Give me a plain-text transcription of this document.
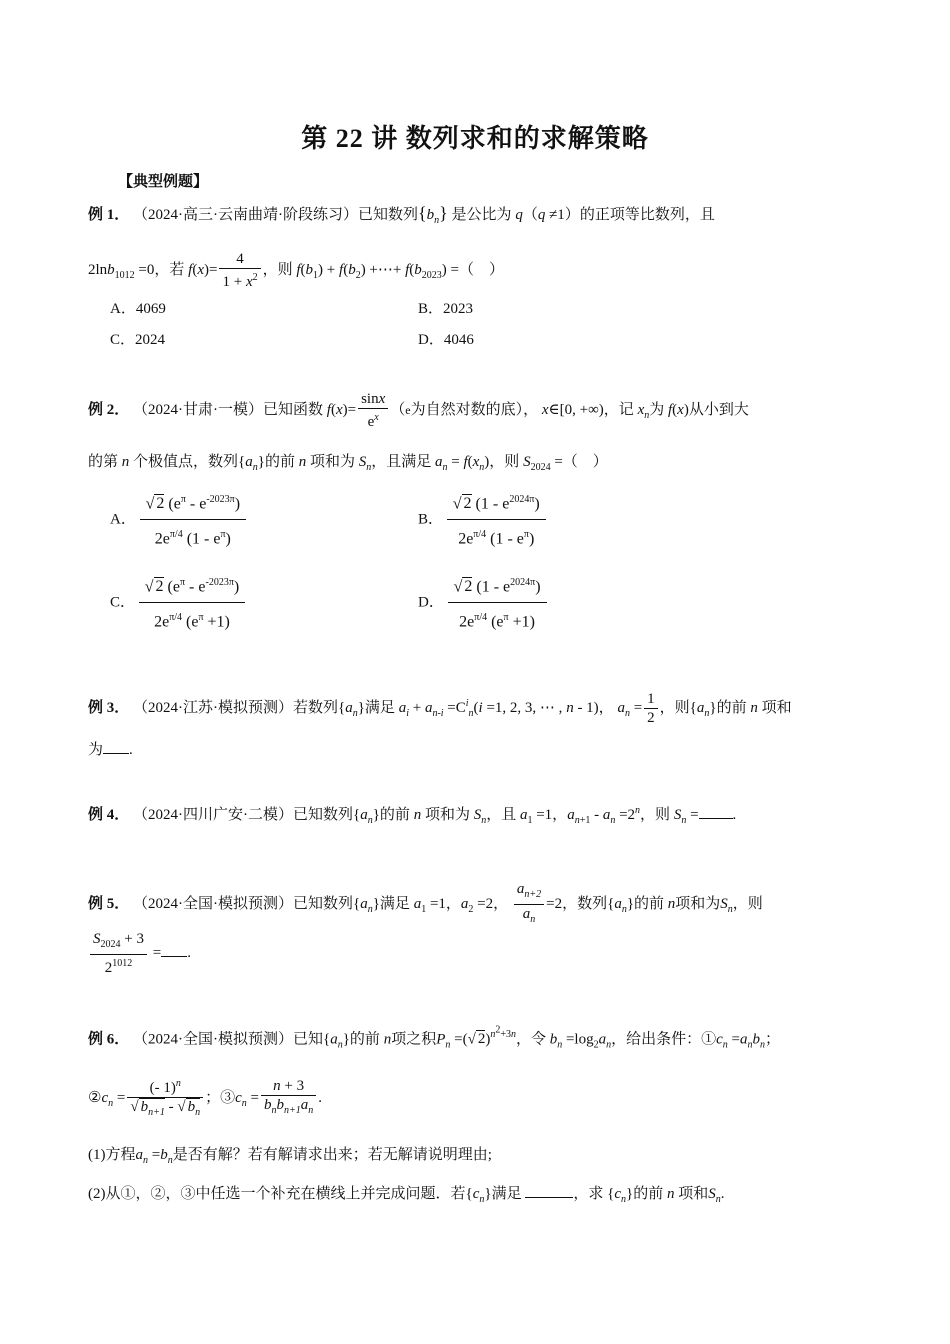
第 22 讲 数列求和的求解策略
【典型例题】
例 1． （2024·高三·云南曲靖·阶段练习）已知数列$\{b_n\}$ 是公比为 q（q ≠1）的正项等比数列，且
2lnb$_{1012}$ =0，若 $f(x)= \frac{4}{1 + x^2}$ ，则 $f(b_1) + f(b_2)$ +⋯+ $f(b_{2023})$ =（　）
A．4069	B．2023
C．2024	D．4046
例 2． （2024·甘肃·一模）已知函数 $f(x)= \frac{\sin x}{e^x} (e$为自然对数的底）， x∈[0, +∞)，记 $x_n$为 f(x)从小到大
的第 n 个极值点，数列$\{a_n\}$的前 n 项和为 $S_n$，且满足 $a_n = f(x_n)$，则 $S_{2024}$ =（　）
A． $\frac{√ 2 (e^\pi - e^{-2023\pi})}{2e^{\pi/4} (1 - e^\pi)}$	B． $\frac{√ 2 (1 - e^{2024\pi})}{2e^{\pi/4} (1 - e^\pi)}$
C． $\frac{√ 2 (e^\pi - e^{-2023\pi})}{2e^{\pi/4} (e^\pi +1)}$	D． $\frac{√ 2 (1 - e^{2024\pi})}{2e^{\pi/4} (e^\pi +1)}$
例 3． （2024·江苏·模拟预测）若数列$\{a_n\}$满足 $a_i + a_{n-i} =C^i_n(i =1$, 2, 3, ⋯ , n - 1)， $a_n = \frac{1}{2}$ ，则$\{a_n\}$的前 n 项和
为 .
例 4． （2024·四川广安·二模）已知数列$\{a_n\}$的前 n 项和为 $S_n$，且 $a_1 =1$，$a_{n+1} - a_n =2^n$，则 $S_n$ = .
例 5． （2024·全国·模拟预测）已知数列$\{a_n\}$满足 $a_1 =1$，$a_2 =2$， $\frac{a_{n+2}}{a_n} =2$，数列$\{a_n\}$的前 n项和为$S_n$，则
$\frac{S_{2024} + 3}{2^{1012}}$ = .
例 6． （2024·全国·模拟预测）已知$\{a_n\}$的前 n项之积$P_n$ =(√ 2)$^{n^2+3n}$，令 $b_n =\log_2a_n$，给出条件：$①c_n =a_nb_n$；
$②c_n = \frac{(- 1)^n}{√ b_{n+1} - √ b_n}$ ；$③c_n = \frac{n + 3}{b_nb_{n+1}a_n}$ .
(1)方程$a_n =b_n$是否有解？若有解请求出来；若无解请说明理由;
(2)从①，②，③中任选一个补充在横线上并完成问题．若$\{c_n\}$满足	，求 $\{c_n\}$的前 n 项和$S_n$.
